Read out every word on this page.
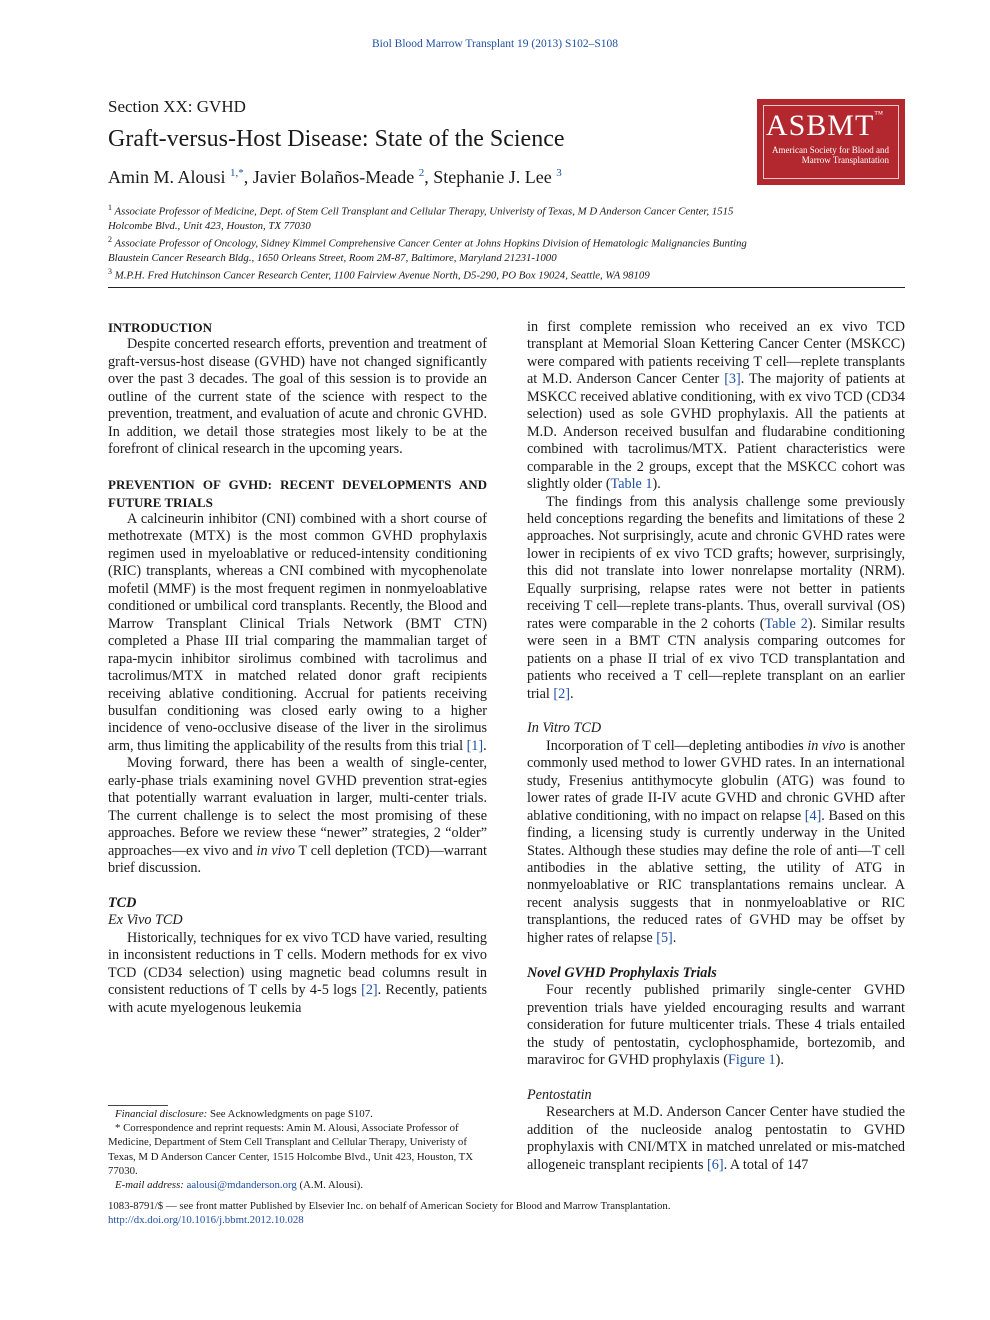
Biol Blood Marrow Transplant 19 (2013) S102–S108
Section XX: GVHD
Graft-versus-Host Disease: State of the Science
Amin M. Alousi $^{1,*}$, Javier Bolaños-Meade $^2$, Stephanie J. Lee $^3$

$^1$ Associate Professor of Medicine, Dept. of Stem Cell Transplant and Cellular Therapy, Univeristy of Texas, M D Anderson Cancer Center, 1515 Holcombe Blvd., Unit 423, Houston, TX 77030

$^2$ Associate Professor of Oncology, Sidney Kimmel Comprehensive Cancer Center at Johns Hopkins Division of Hematologic Malignancies Bunting Blaustein Cancer Research Bldg., 1650 Orleans Street, Room 2M-87, Baltimore, Maryland 21231-1000

$^3$ M.P.H. Fred Hutchinson Cancer Research Center, 1100 Fairview Avenue North, D5-290, PO Box 19024, Seattle, WA 98109

ASBMT™
American Society for Blood and Marrow Transplantation
INTRODUCTION

Despite concerted research efforts, prevention and treatment of graft-versus-host disease (GVHD) have not changed significantly over the past 3 decades. The goal of this session is to provide an outline of the current state of the science with respect to the prevention, treatment, and evaluation of acute and chronic GVHD. In addition, we detail those strategies most likely to be at the forefront of clinical research in the upcoming years.

PREVENTION OF GVHD: RECENT DEVELOPMENTS AND FUTURE TRIALS

A calcineurin inhibitor (CNI) combined with a short course of methotrexate (MTX) is the most common GVHD prophylaxis regimen used in myeloablative or reduced-intensity conditioning (RIC) transplants, whereas a CNI combined with mycophenolate mofetil (MMF) is the most frequent regimen in nonmyeloablative conditioned or umbilical cord transplants. Recently, the Blood and Marrow Transplant Clinical Trials Network (BMT CTN) completed a Phase III trial comparing the mammalian target of rapa-mycin inhibitor sirolimus combined with tacrolimus and tacrolimus/MTX in matched related donor graft recipients receiving ablative conditioning. Accrual for patients receiving busulfan conditioning was closed early owing to a higher incidence of veno-occlusive disease of the liver in the sirolimus arm, thus limiting the applicability of the results from this trial [1].

Moving forward, there has been a wealth of single-center, early-phase trials examining novel GVHD prevention strat-egies that potentially warrant evaluation in larger, multi-center trials. The current challenge is to select the most promising of these approaches. Before we review these “newer” strategies, 2 “older” approaches—ex vivo and in vivo T cell depletion (TCD)—warrant brief discussion.

TCD
Ex Vivo TCD

Historically, techniques for ex vivo TCD have varied, resulting in inconsistent reductions in T cells. Modern methods for ex vivo TCD (CD34 selection) using magnetic bead columns result in consistent reductions of T cells by 4-5 logs [2]. Recently, patients with acute myelogenous leukemia

in first complete remission who received an ex vivo TCD transplant at Memorial Sloan Kettering Cancer Center (MSKCC) were compared with patients receiving T cell—replete transplants at M.D. Anderson Cancer Center [3]. The majority of patients at MSKCC received ablative conditioning, with ex vivo TCD (CD34 selection) used as sole GVHD prophylaxis. All the patients at M.D. Anderson received busulfan and fludarabine conditioning combined with tacrolimus/MTX. Patient characteristics were comparable in the 2 groups, except that the MSKCC cohort was slightly older (Table 1).

The findings from this analysis challenge some previously held conceptions regarding the benefits and limitations of these 2 approaches. Not surprisingly, acute and chronic GVHD rates were lower in recipients of ex vivo TCD grafts; however, surprisingly, this did not translate into lower nonrelapse mortality (NRM). Equally surprising, relapse rates were not better in patients receiving T cell—replete trans-plants. Thus, overall survival (OS) rates were comparable in the 2 cohorts (Table 2). Similar results were seen in a BMT CTN analysis comparing outcomes for patients on a phase II trial of ex vivo TCD transplantation and patients who received a T cell—replete transplant on an earlier trial [2].

In Vitro TCD

Incorporation of T cell—depleting antibodies in vivo is another commonly used method to lower GVHD rates. In an international study, Fresenius antithymocyte globulin (ATG) was found to lower rates of grade II-IV acute GVHD and chronic GVHD after ablative conditioning, with no impact on relapse [4]. Based on this finding, a licensing study is currently underway in the United States. Although these studies may define the role of anti—T cell antibodies in the ablative setting, the utility of ATG in nonmyeloablative or RIC transplantations remains unclear. A recent analysis suggests that in nonmyeloablative or RIC transplantions, the reduced rates of GVHD may be offset by higher rates of relapse [5].

Novel GVHD Prophylaxis Trials

Four recently published primarily single-center GVHD prevention trials have yielded encouraging results and warrant consideration for future multicenter trials. These 4 trials entailed the study of pentostatin, cyclophosphamide, bortezomib, and maraviroc for GVHD prophylaxis (Figure 1).

Pentostatin

Researchers at M.D. Anderson Cancer Center have studied the addition of the nucleoside analog pentostatin to GVHD prophylaxis with CNI/MTX in matched unrelated or mis-matched allogeneic transplant recipients [6]. A total of 147

Financial disclosure: See Acknowledgments on page S107.

* Correspondence and reprint requests: Amin M. Alousi, Associate Professor of Medicine, Department of Stem Cell Transplant and Cellular Therapy, Univeristy of Texas, M D Anderson Cancer Center, 1515 Holcombe Blvd., Unit 423, Houston, TX 77030.

E-mail address: aalousi@mdanderson.org (A.M. Alousi).

1083-8791/$ — see front matter Published by Elsevier Inc. on behalf of American Society for Blood and Marrow Transplantation.

http://dx.doi.org/10.1016/j.bbmt.2012.10.028
